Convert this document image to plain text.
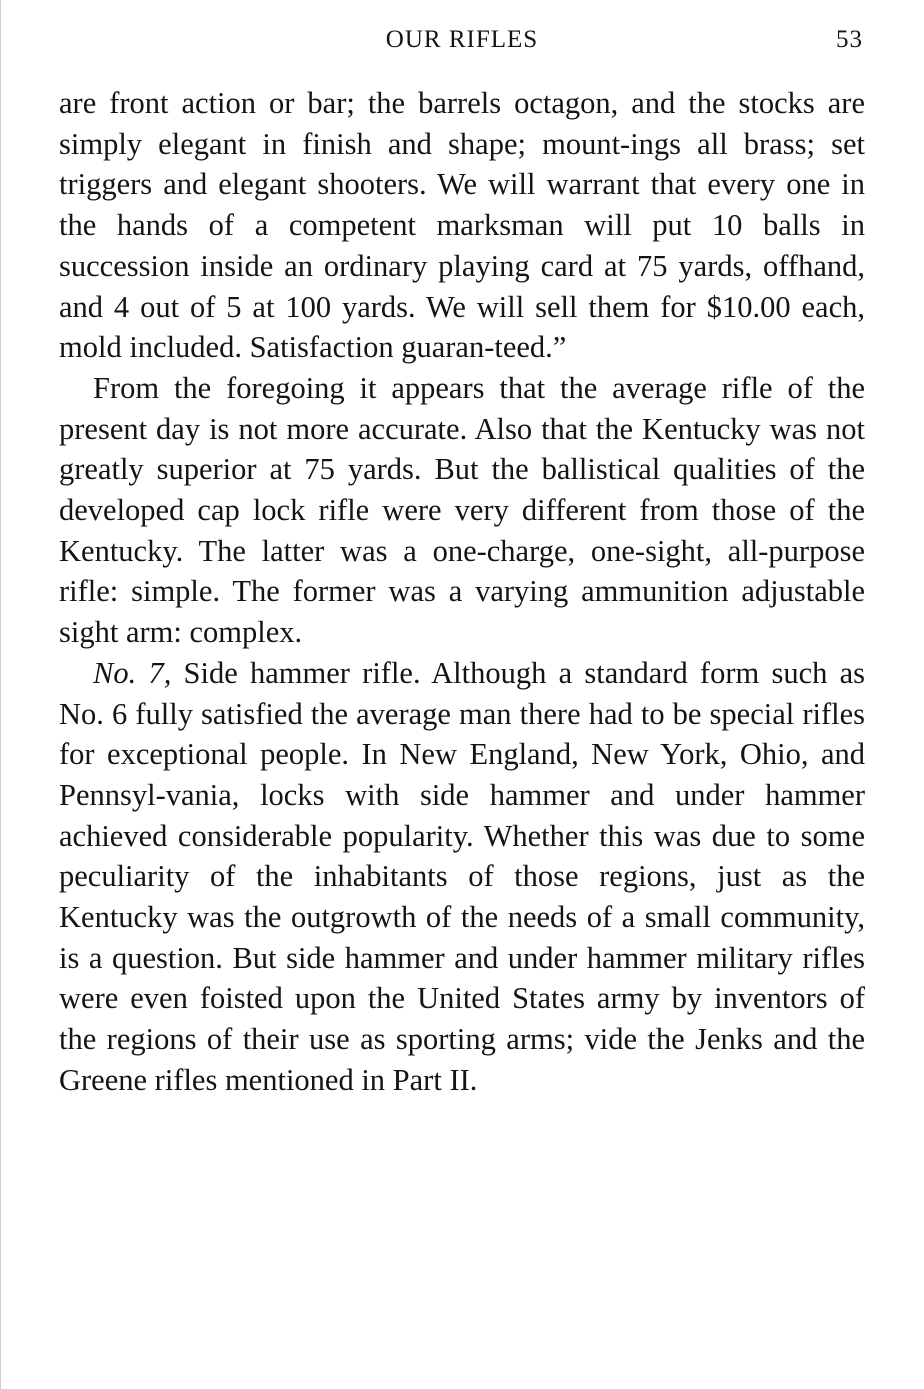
OUR RIFLES	53

are front action or bar; the barrels octagon, and the stocks are simply elegant in finish and shape; mount-ings all brass; set triggers and elegant shooters. We will warrant that every one in the hands of a competent marksman will put 10 balls in succession inside an ordinary playing card at 75 yards, offhand, and 4 out of 5 at 100 yards. We will sell them for $10.00 each, mold included. Satisfaction guaran-teed.”

From the foregoing it appears that the average rifle of the present day is not more accurate. Also that the Kentucky was not greatly superior at 75 yards. But the ballistical qualities of the developed cap lock rifle were very different from those of the Kentucky. The latter was a one-charge, one-sight, all-purpose rifle: simple. The former was a varying ammunition adjustable sight arm: complex.

No. 7, Side hammer rifle. Although a standard form such as No. 6 fully satisfied the average man there had to be special rifles for exceptional people. In New England, New York, Ohio, and Pennsyl-vania, locks with side hammer and under hammer achieved considerable popularity. Whether this was due to some peculiarity of the inhabitants of those regions, just as the Kentucky was the outgrowth of the needs of a small community, is a question. But side hammer and under hammer military rifles were even foisted upon the United States army by inventors of the regions of their use as sporting arms; vide the Jenks and the Greene rifles mentioned in Part II.
